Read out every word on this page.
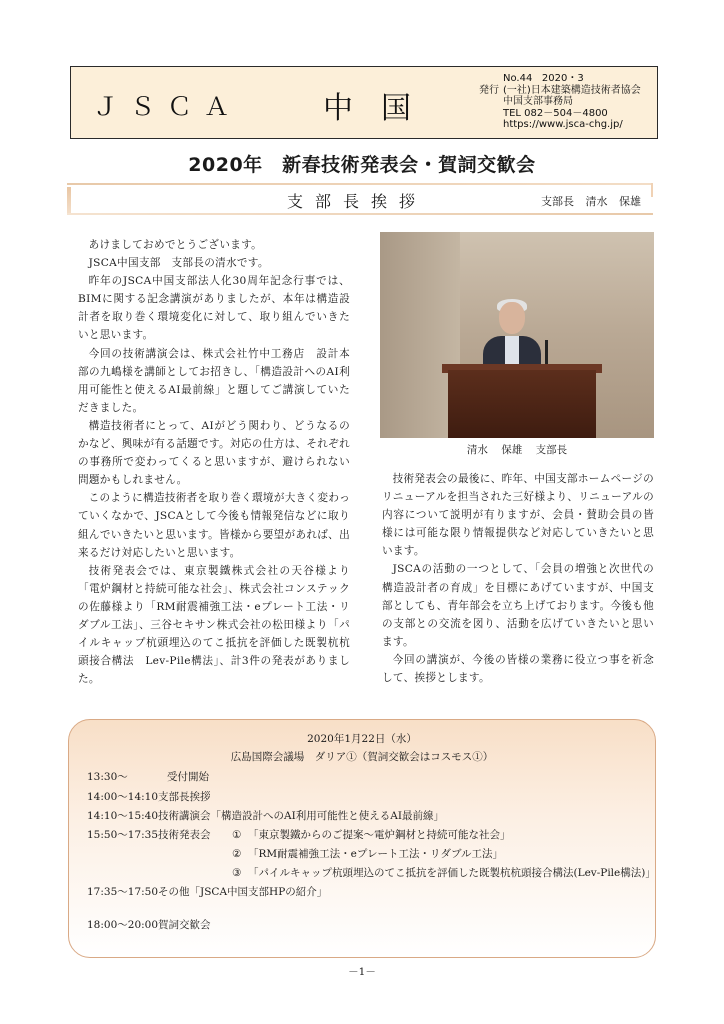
ＪＳＣＡ	中国
No.44 2020・3
発行 (一社)日本建築構造技術者協会
中国支部事務局
TEL 082－504－4800
https://www.jsca-chg.jp/
2020年　新春技術発表会・賀詞交歓会
支部長挨拶	支部長 清水 保雄

あけましておめでとうございます。

JSCA中国支部　支部長の清水です。

昨年のJSCA中国支部法人化30周年記念行事では、BIMに関する記念講演がありましたが、本年は構造設計者を取り巻く環境変化に対して、取り組んでいきたいと思います。

今回の技術講演会は、株式会社竹中工務店　設計本部の九嶋様を講師としてお招きし、「構造設計へのAI利用可能性と使えるAI最前線」と題してご講演していただきました。

構造技術者にとって、AIがどう関わり、どうなるのかなど、興味が有る話題です。対応の仕方は、それぞれの事務所で変わってくると思いますが、避けられない問題かもしれません。

このように構造技術者を取り巻く環境が大きく変わっていくなかで、JSCAとして今後も情報発信などに取り組んでいきたいと思います。皆様から要望があれば、出来るだけ対応したいと思います。

技術発表会では、東京製鐵株式会社の天谷様より「電炉鋼材と持続可能な社会」、株式会社コンステックの佐藤様より「RM耐震補強工法・eプレート工法・リダブル工法」、三谷セキサン株式会社の松田様より「パイルキャップ杭頭埋込のてこ抵抗を評価した既製杭杭頭接合構法　Lev-Pile構法」、計3件の発表がありました。

清水 保雄 支部長

技術発表会の最後に、昨年、中国支部ホームページのリニューアルを担当された三好様より、リニューアルの内容について説明が有りますが、会員・賛助会員の皆様には可能な限り情報提供など対応していきたいと思います。

JSCAの活動の一つとして、「会員の増強と次世代の構造設計者の育成」を目標にあげていますが、中国支部としても、青年部会を立ち上げております。今後も他の支部との交流を図り、活動を広げていきたいと思います。

今回の講演が、今後の皆様の業務に役立つ事を祈念して、挨拶とします。

2020年1月22日（水）
広島国際会議場　ダリア①（賀詞交歓会はコスモス①）
13:30～	受付開始
14:00～14:10支部長挨拶
14:10～15:40技術講演会「構造設計へのAI利用可能性と使えるAI最前線」
15:50～17:35技術発表会 ① 「東京製鐵からのご提案～電炉鋼材と持続可能な社会」
② 「RM耐震補強工法・eプレート工法・リダブル工法」
③ 「パイルキャップ杭頭埋込のてこ抵抗を評価した既製杭杭頭接合構法(Lev-Pile構法)」
17:35～17:50その他「JSCA中国支部HPの紹介」
18:00～20:00賀詞交歓会
－1－
